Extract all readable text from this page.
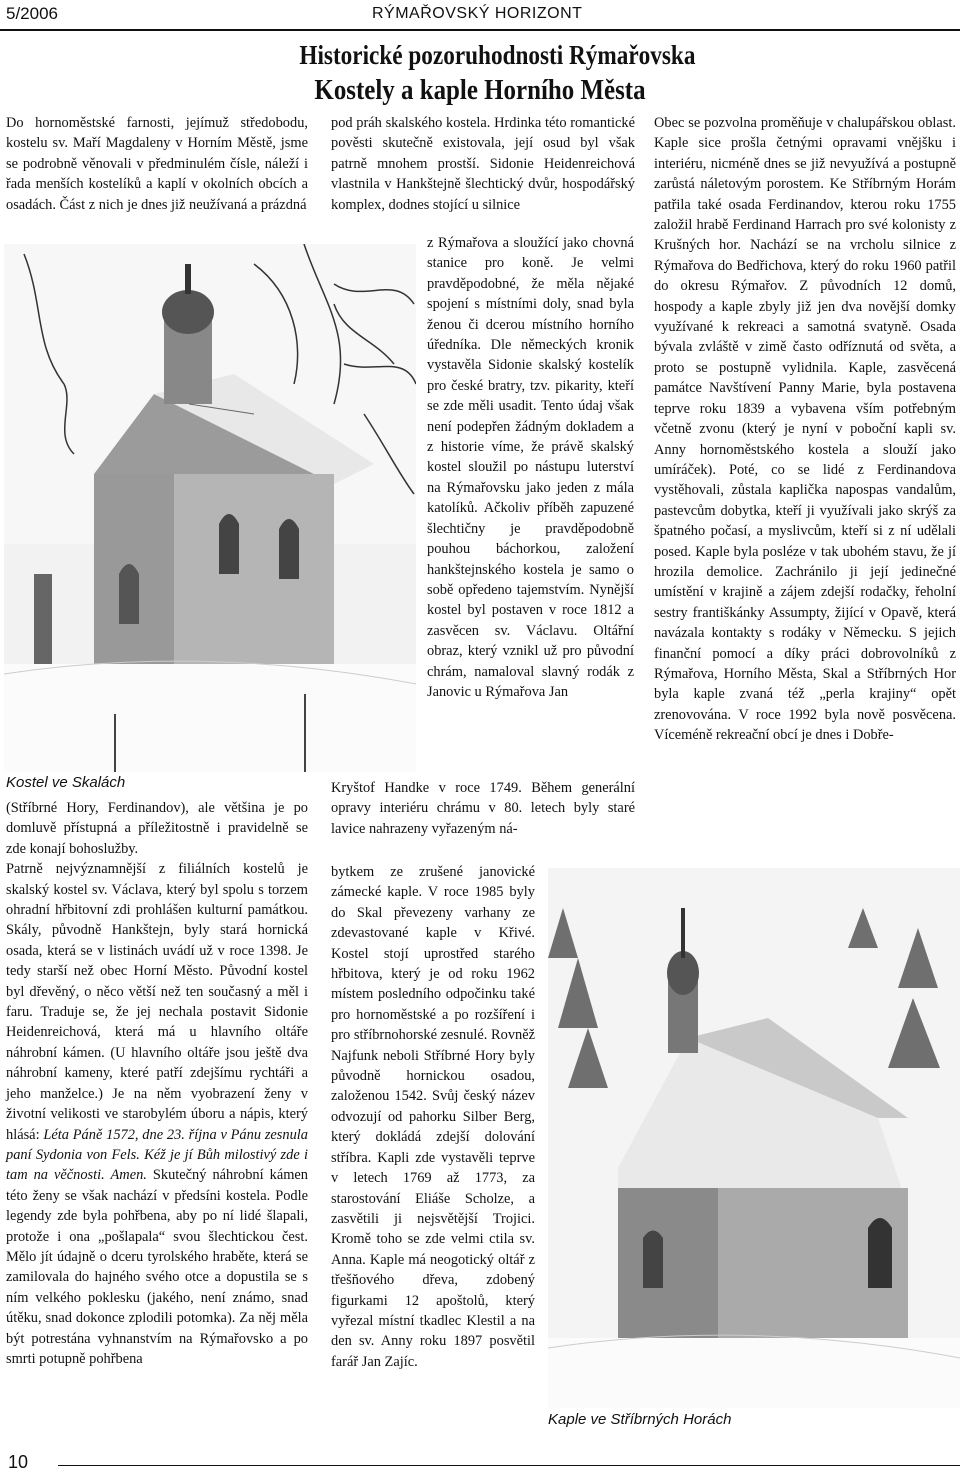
5/2006	RÝMAŘOVSKÝ HORIZONT
Historické pozoruhodnosti Rýmařovska
Kostely a kaple Horního Města

Do hornoměstské farnosti, jejímuž středobodu, kostelu sv. Maří Magdaleny v Horním Městě, jsme se podrobně věnovali v předminulém čísle, náleží i řada menších kostelíků a kaplí v okolních obcích a osadách. Část z nich je dnes již neužívaná a prázdná

Kostel ve Skalách

(Stříbrné Hory, Ferdinandov), ale většina je po domluvě přístupná a příležitostně i pravidelně se zde konají bohoslužby.

Patrně nejvýznamnější z filiálních kostelů je skalský kostel sv. Václava, který byl spolu s torzem ohradní hřbitovní zdi prohlášen kulturní památkou. Skály, původně Hankštejn, byly stará hornická osada, která se v listinách uvádí už v roce 1398. Je tedy starší než obec Horní Město. Původní kostel byl dřevěný, o něco větší než ten současný a měl i faru. Traduje se, že jej nechala postavit Sidonie Heidenreichová, která má u hlavního oltáře náhrobní kámen. (U hlavního oltáře jsou ještě dva náhrobní kameny, které patří zdejšímu rychtáři a jeho manželce.) Je na něm vyobrazení ženy v životní velikosti ve starobylém úboru a nápis, který hlásá: Léta Páně 1572, dne 23. října v Pánu zesnula paní Sydonia von Fels. Kéž je jí Bůh milostivý zde i tam na věčnosti. Amen. Skutečný náhrobní kámen této ženy se však nachází v předsíni kostela. Podle legendy zde byla pohřbena, aby po ní lidé šlapali, protože i ona „pošlapala“ svou šlechtickou čest. Mělo jít údajně o dceru tyrolského hraběte, která se zamilovala do hajného svého otce a dopustila se s ním velkého poklesku (jakého, není známo, snad útěku, snad dokonce zplodili potomka). Za něj měla být potrestána vyhnanstvím na Rýmařovsko a po smrti potupně pohřbena

pod práh skalského kostela. Hrdinka této romantické pověsti skutečně existovala, její osud byl však patrně mnohem prostší. Sidonie Heidenreichová vlastnila v Hankštejně šlechtický dvůr, hospodářský komplex, dodnes stojící u silnice

z Rýmařova a sloužící jako chovná stanice pro koně. Je velmi pravděpodobné, že měla nějaké spojení s místními doly, snad byla ženou či dcerou místního horního úředníka. Dle německých kronik vystavěla Sidonie skalský kostelík pro české bratry, tzv. pikarity, kteří se zde měli usadit. Tento údaj však není podepřen žádným dokladem a z historie víme, že právě skalský kostel sloužil po nástupu luterství na Rýmařovsku jako jeden z mála katolíků. Ačkoliv příběh zapuzené šlechtičny je pravděpodobně pouhou báchorkou, založení hankštejnského kostela je samo o sobě opředeno tajemstvím. Nynější kostel byl postaven v roce 1812 a zasvěcen sv. Václavu. Oltářní obraz, který vznikl už pro původní chrám, namaloval slavný rodák z Janovic u Rýmařova Jan

Kryštof Handke v roce 1749. Během generální opravy interiéru chrámu v 80. letech byly staré lavice nahrazeny vyřazeným ná-

bytkem ze zrušené janovické zámecké kaple. V roce 1985 byly do Skal převezeny varhany ze zdevastované kaple v Křivé. Kostel stojí uprostřed starého hřbitova, který je od roku 1962 místem posledního odpočinku také pro hornoměstské a po rozšíření i pro stříbrnohorské zesnulé. Rovněž Najfunk neboli Stříbrné Hory byly původně hornickou osadou, založenou 1542. Svůj český název odvozují od pahorku Silber Berg, který dokládá zdejší dolování stříbra. Kapli zde vystavěli teprve v letech 1769 až 1773, za starostování Eliáše Scholze, a zasvětili ji nejsvětější Trojici. Kromě toho se zde velmi ctila sv. Anna. Kaple má neogotický oltář z třešňového dřeva, zdobený figurkami 12 apoštolů, který vyřezal místní tkadlec Klestil a na den sv. Anny roku 1897 posvětil farář Jan Zajíc.

Obec se pozvolna proměňuje v chalupářskou oblast. Kaple sice prošla četnými opravami vnějšku i interiéru, nicméně dnes se již nevyužívá a postupně zarůstá náletovým porostem. Ke Stříbrným Horám patřila také osada Ferdinandov, kterou roku 1755 založil hrabě Ferdinand Harrach pro své kolonisty z Krušných hor. Nachází se na vrcholu silnice z Rýmařova do Bedřichova, který do roku 1960 patřil do okresu Rýmařov. Z původních 12 domů, hospody a kaple zbyly již jen dva novější domky využívané k rekreaci a samotná svatyně. Osada bývala zvláště v zimě často odříznutá od světa, a proto se postupně vylidnila. Kaple, zasvěcená památce Navštívení Panny Marie, byla postavena teprve roku 1839 a vybavena vším potřebným včetně zvonu (který je nyní v poboční kapli sv. Anny hornoměstského kostela a slouží jako umíráček). Poté, co se lidé z Ferdinandova vystěhovali, zůstala kaplička napospas vandalům, pastevcům dobytka, kteří ji využívali jako skrýš za špatného počasí, a myslivcům, kteří si z ní udělali posed. Kaple byla posléze v tak ubohém stavu, že jí hrozila demolice. Zachránilo ji její jedinečné umístění v krajině a zájem zdejší rodačky, řeholní sestry františkánky Assumpty, žijící v Opavě, která navázala kontakty s rodáky v Německu. S jejich finanční pomocí a díky práci dobrovolníků z Rýmařova, Horního Města, Skal a Stříbrných Hor byla kaple zvaná též „perla krajiny“ opět zrenovována. V roce 1992 byla nově posvěcena. Víceméně rekreační obcí je dnes i Dobře-

Kaple ve Stříbrných Horách
10
